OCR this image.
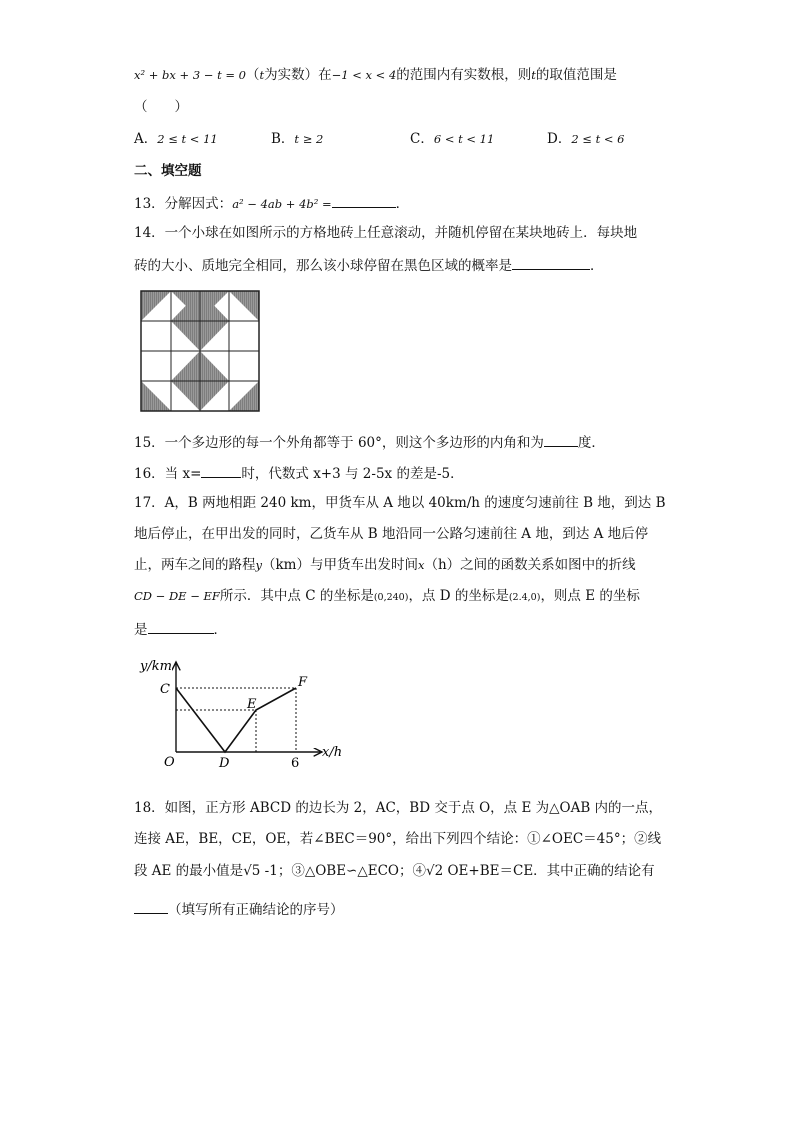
x² + bx + 3 − t = 0（t为实数）在−1 < x < 4的范围内有实数根，则t的取值范围是
（　　）
A．2 ≤ t < 11	B．t ≥ 2	C．6 < t < 11	D．2 ≤ t < 6
二、填空题
13．分解因式：a² − 4ab + 4b² =	．
14．一个小球在如图所示的方格地砖上任意滚动，并随机停留在某块地砖上．每块地
砖的大小、质地完全相同，那么该小球停留在黑色区域的概率是	．
15．一个多边形的每一个外角都等于 60°，则这个多边形的内角和为	度．
16．当 x=	时，代数式 x+3 与 2-5x 的差是-5．
17．A，B 两地相距 240 km，甲货车从 A 地以 40km/h 的速度匀速前往 B 地，到达 B
地后停止，在甲出发的同时，乙货车从 B 地沿同一公路匀速前往 A 地，到达 A 地后停
止，两车之间的路程y（km）与甲货车出发时间x（h）之间的函数关系如图中的折线
CD − DE − EF所示．其中点 C 的坐标是(0,240)，点 D 的坐标是(2.4,0)，则点 E 的坐标
是	．
y/km
x/h
O
C
D
E
F
6
18．如图，正方形 ABCD 的边长为 2，AC，BD 交于点 O，点 E 为△OAB 内的一点，
连接 AE，BE，CE，OE，若∠BEC＝90°，给出下列四个结论：①∠OEC＝45°；②线
段 AE 的最小值是√5 -1；③△OBE∽△ECO；④√2 OE+BE＝CE．其中正确的结论有
（填写所有正确结论的序号）
